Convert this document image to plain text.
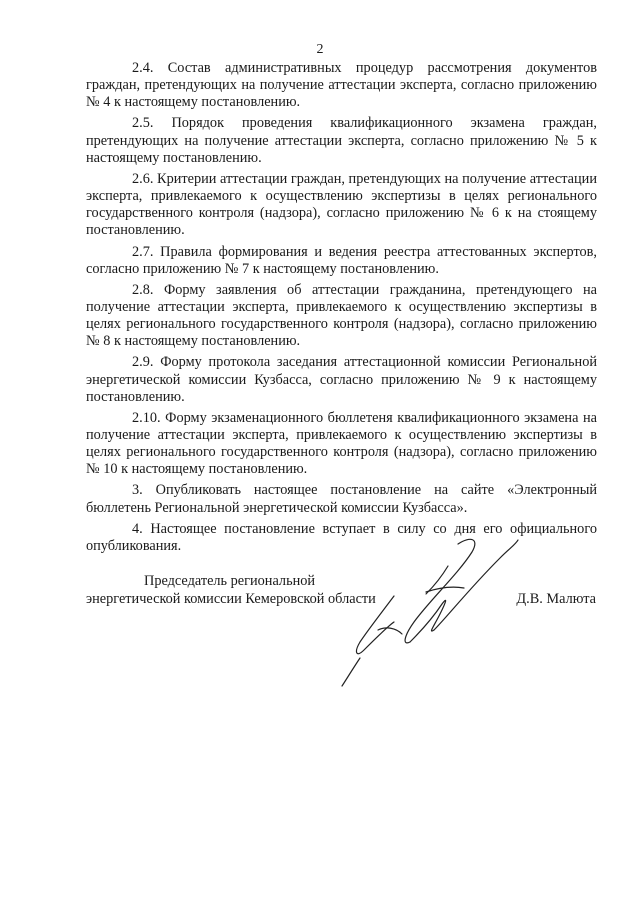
2

2.4. Состав административных процедур рассмотрения документов граждан, претендующих на получение аттестации эксперта, согласно приложению № 4 к настоящему постановлению.

2.5. Порядок проведения квалификационного экзамена граждан, претендующих на получение аттестации эксперта, согласно приложению № 5 к настоящему постановлению.

2.6. Критерии аттестации граждан, претендующих на получение аттестации эксперта, привлекаемого к осуществлению экспертизы в целях регионального государственного контроля (надзора), согласно приложению № 6 к на стоящему постановлению.

2.7. Правила формирования и ведения реестра аттестованных экспертов, согласно приложению № 7 к настоящему постановлению.

2.8. Форму заявления об аттестации гражданина, претендующего на получение аттестации эксперта, привлекаемого к осуществлению экспертизы в целях регионального государственного контроля (надзора), согласно приложению № 8 к настоящему постановлению.

2.9. Форму протокола заседания аттестационной комиссии Региональной энергетической комиссии Кузбасса, согласно приложению № 9 к настоящему постановлению.

2.10. Форму экзаменационного бюллетеня квалификационного экзамена на получение аттестации эксперта, привлекаемого к осуществлению экспертизы в целях регионального государственного контроля (надзора), согласно приложению № 10 к настоящему постановлению.

3. Опубликовать настоящее постановление на сайте «Электронный бюллетень Региональной энергетической комиссии Кузбасса».

4. Настоящее постановление вступает в силу со дня его официального опубликования.

Председатель региональной
энергетической комиссии Кемеровской области	Д.В. Малюта
